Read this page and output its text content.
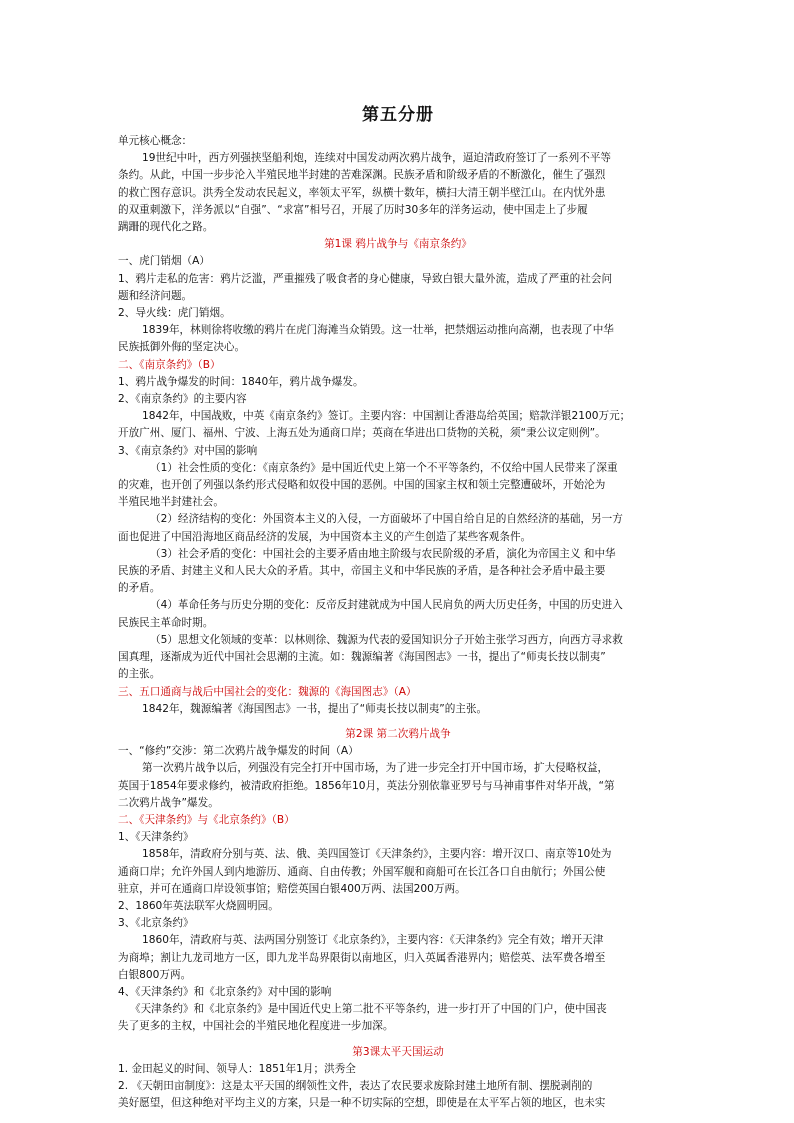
第五分册
单元核心概念：
19世纪中叶，西方列强挟坚船利炮，连续对中国发动两次鸦片战争，逼迫清政府签订了一系列不平等
条约。从此，中国一步步沦入半殖民地半封建的苦难深渊。民族矛盾和阶级矛盾的不断激化，催生了强烈
的救亡图存意识。洪秀全发动农民起义，率领太平军，纵横十数年，横扫大清王朝半壁江山。在内忧外患
的双重刺激下，洋务派以“自强”、“求富”相号召，开展了历时30多年的洋务运动，使中国走上了步履
蹒跚的现代化之路。
第1课 鸦片战争与《南京条约》
一、虎门销烟（A）
1、鸦片走私的危害：鸦片泛滥，严重摧残了吸食者的身心健康，导致白银大量外流，造成了严重的社会问
题和经济问题。
2、导火线：虎门销烟。
1839年，林则徐将收缴的鸦片在虎门海滩当众销毁。这一壮举，把禁烟运动推向高潮，也表现了中华
民族抵御外侮的坚定决心。
二、《南京条约》（B）
1、鸦片战争爆发的时间：1840年，鸦片战争爆发。
2、《南京条约》的主要内容
1842年，中国战败，中英《南京条约》签订。主要内容：中国割让香港岛给英国；赔款洋银2100万元；
开放广州、厦门、福州、宁波、上海五处为通商口岸；英商在华进出口货物的关税，须“秉公议定则例”。
3、《南京条约》对中国的影响
（1）社会性质的变化：《南京条约》是中国近代史上第一个不平等条约，不仅给中国人民带来了深重
的灾难，也开创了列强以条约形式侵略和奴役中国的恶例。中国的国家主权和领土完整遭破坏，开始沦为
半殖民地半封建社会。
（2）经济结构的变化：外国资本主义的入侵，一方面破坏了中国自给自足的自然经济的基础，另一方
面也促进了中国沿海地区商品经济的发展，为中国资本主义的产生创造了某些客观条件。
（3）社会矛盾的变化：中国社会的主要矛盾由地主阶级与农民阶级的矛盾，演化为帝国主义 和中华
民族的矛盾、封建主义和人民大众的矛盾。其中，帝国主义和中华民族的矛盾，是各种社会矛盾中最主要
的矛盾。
（4）革命任务与历史分期的变化：反帝反封建就成为中国人民肩负的两大历史任务，中国的历史进入
民族民主革命时期。
（5）思想文化领域的变革：以林则徐、魏源为代表的爱国知识分子开始主张学习西方，向西方寻求救
国真理，逐渐成为近代中国社会思潮的主流。如：魏源编著《海国图志》一书，提出了“师夷长技以制夷”
的主张。
三、五口通商与战后中国社会的变化：魏源的《海国图志》（A）
1842年，魏源编著《海国图志》一书，提出了“师夷长技以制夷”的主张。
第2课 第二次鸦片战争
一、“修约”交涉：第二次鸦片战争爆发的时间（A）
第一次鸦片战争以后，列强没有完全打开中国市场，为了进一步完全打开中国市场，扩大侵略权益，
英国于1854年要求修约，被清政府拒绝。1856年10月，英法分别依靠亚罗号与马神甫事件对华开战，“第
二次鸦片战争”爆发。
二、《天津条约》与《北京条约》（B）
1、《天津条约》
1858年，清政府分别与英、法、俄、美四国签订《天津条约》，主要内容：增开汉口、南京等10处为
通商口岸；允许外国人到内地游历、通商、自由传教；外国军舰和商船可在长江各口自由航行；外国公使
驻京，并可在通商口岸设领事馆；赔偿英国白银400万两、法国200万两。
2、1860年英法联军火烧圆明园。
3、《北京条约》
1860年，清政府与英、法两国分别签订《北京条约》，主要内容：《天津条约》完全有效；增开天津
为商埠；割让九龙司地方一区，即九龙半岛界限街以南地区，归入英属香港界内；赔偿英、法军费各增至
白银800万两。
4、《天津条约》和《北京条约》对中国的影响
《天津条约》和《北京条约》是中国近代史上第二批不平等条约，进一步打开了中国的门户，使中国丧
失了更多的主权，中国社会的半殖民地化程度进一步加深。
第3课太平天国运动
1. 金田起义的时间、领导人：1851年1月；洪秀全
2. 《天朝田亩制度》：这是太平天国的纲领性文件，表达了农民要求废除封建土地所有制、摆脱剥削的
美好愿望，但这种绝对平均主义的方案，只是一种不切实际的空想，即使是在太平军占领的地区，也未实
